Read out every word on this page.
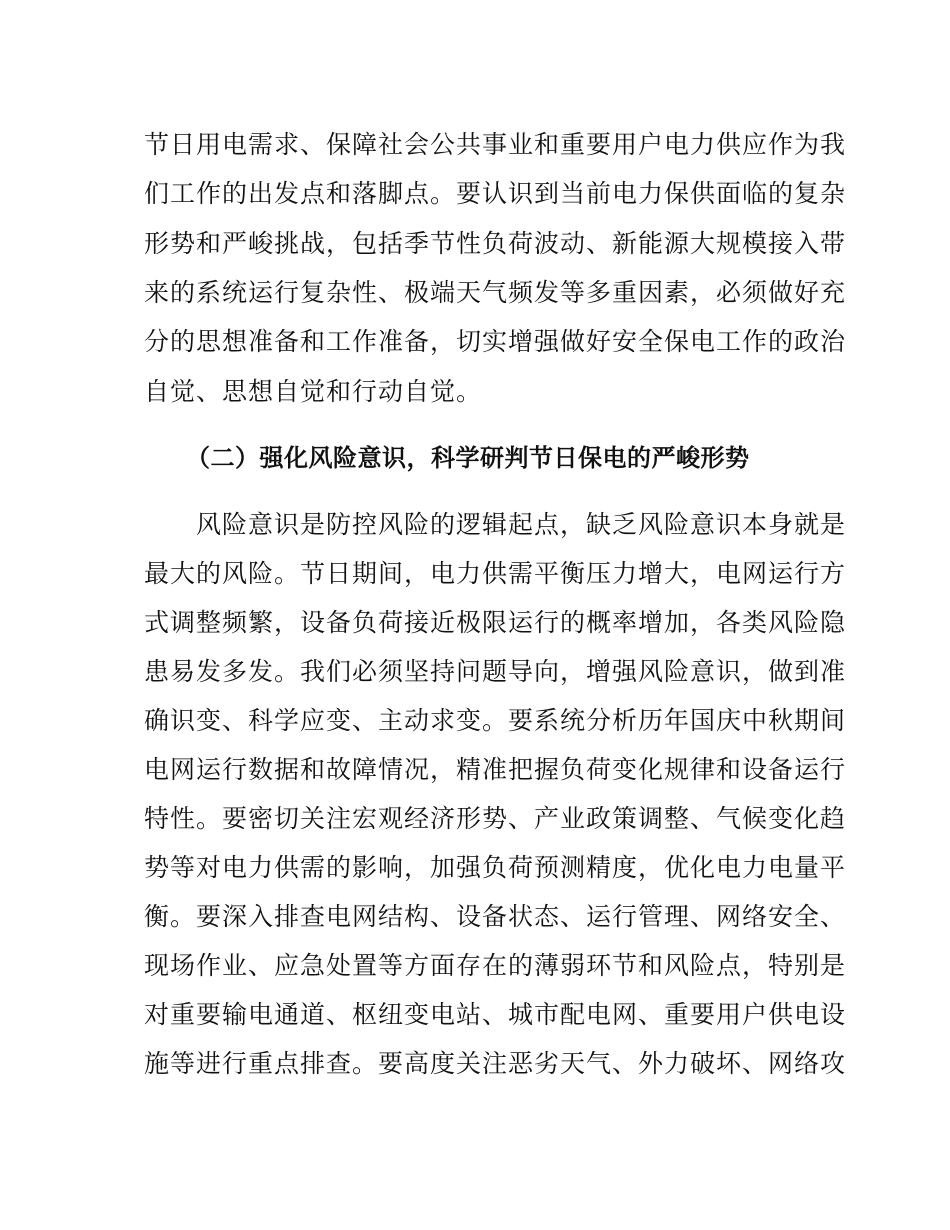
节日用电需求、保障社会公共事业和重要用户电力供应作为我
们工作的出发点和落脚点。要认识到当前电力保供面临的复杂
形势和严峻挑战，包括季节性负荷波动、新能源大规模接入带
来的系统运行复杂性、极端天气频发等多重因素，必须做好充
分的思想准备和工作准备，切实增强做好安全保电工作的政治
自觉、思想自觉和行动自觉。
（二）强化风险意识，科学研判节日保电的严峻形势
　　风险意识是防控风险的逻辑起点，缺乏风险意识本身就是
最大的风险。节日期间，电力供需平衡压力增大，电网运行方
式调整频繁，设备负荷接近极限运行的概率增加，各类风险隐
患易发多发。我们必须坚持问题导向，增强风险意识，做到准
确识变、科学应变、主动求变。要系统分析历年国庆中秋期间
电网运行数据和故障情况，精准把握负荷变化规律和设备运行
特性。要密切关注宏观经济形势、产业政策调整、气候变化趋
势等对电力供需的影响，加强负荷预测精度，优化电力电量平
衡。要深入排查电网结构、设备状态、运行管理、网络安全、
现场作业、应急处置等方面存在的薄弱环节和风险点，特别是
对重要输电通道、枢纽变电站、城市配电网、重要用户供电设
施等进行重点排查。要高度关注恶劣天气、外力破坏、网络攻
